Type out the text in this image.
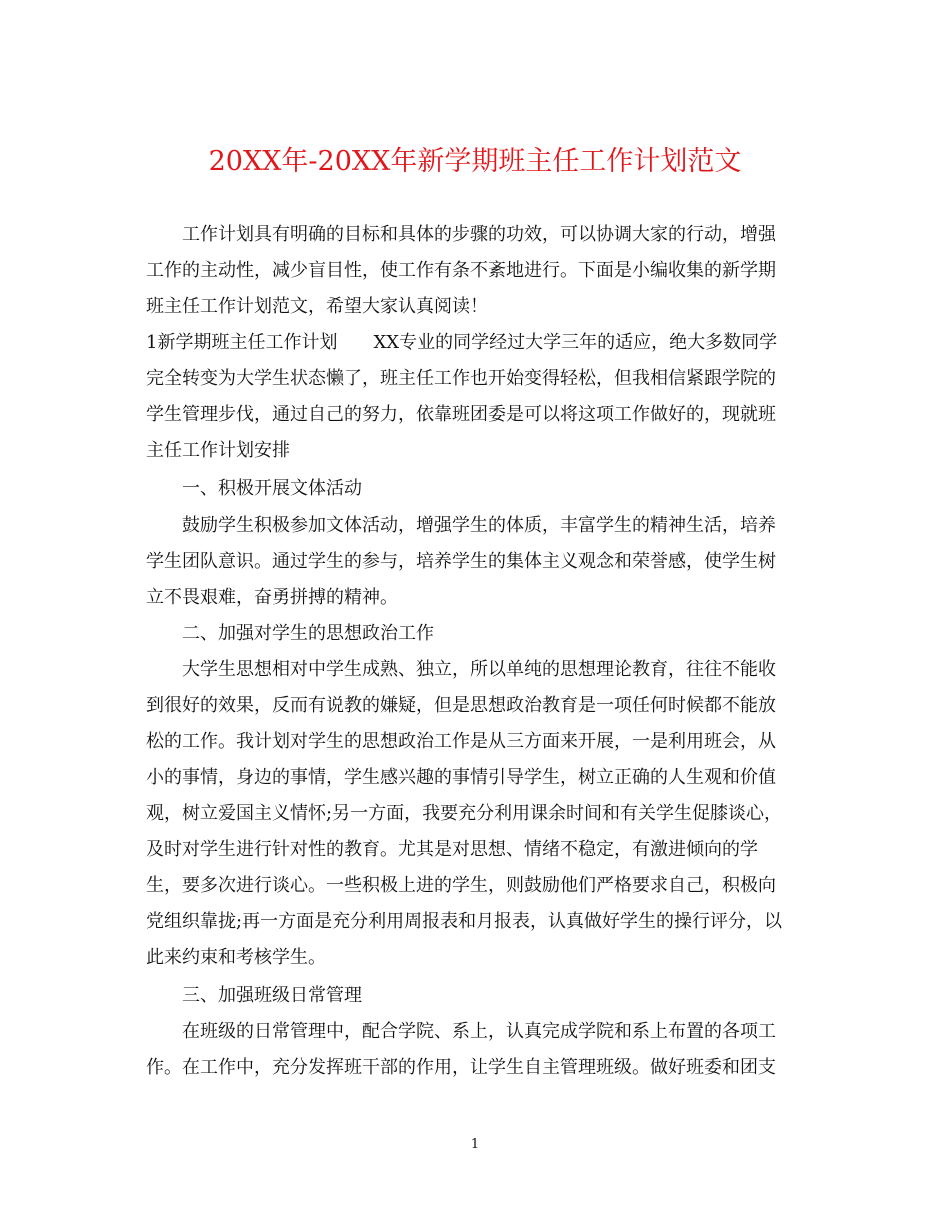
20XX年-20XX年新学期班主任工作计划范文
工作计划具有明确的目标和具体的步骤的功效，可以协调大家的行动，增强
工作的主动性，减少盲目性，使工作有条不紊地进行。下面是小编收集的新学期
班主任工作计划范文，希望大家认真阅读！
1新学期班主任工作计划　　XX专业的同学经过大学三年的适应，绝大多数同学
完全转变为大学生状态懒了，班主任工作也开始变得轻松，但我相信紧跟学院的
学生管理步伐，通过自己的努力，依靠班团委是可以将这项工作做好的，现就班
主任工作计划安排
一、积极开展文体活动
鼓励学生积极参加文体活动，增强学生的体质，丰富学生的精神生活，培养
学生团队意识。通过学生的参与，培养学生的集体主义观念和荣誉感，使学生树
立不畏艰难，奋勇拼搏的精神。
二、加强对学生的思想政治工作
大学生思想相对中学生成熟、独立，所以单纯的思想理论教育，往往不能收
到很好的效果，反而有说教的嫌疑，但是思想政治教育是一项任何时候都不能放
松的工作。我计划对学生的思想政治工作是从三方面来开展，一是利用班会，从
小的事情，身边的事情，学生感兴趣的事情引导学生，树立正确的人生观和价值
观，树立爱国主义情怀;另一方面，我要充分利用课余时间和有关学生促膝谈心，
及时对学生进行针对性的教育。尤其是对思想、情绪不稳定，有激进倾向的学
生，要多次进行谈心。一些积极上进的学生，则鼓励他们严格要求自己，积极向
党组织靠拢;再一方面是充分利用周报表和月报表，认真做好学生的操行评分，以
此来约束和考核学生。
三、加强班级日常管理
在班级的日常管理中，配合学院、系上，认真完成学院和系上布置的各项工
作。在工作中，充分发挥班干部的作用，让学生自主管理班级。做好班委和团支
1
